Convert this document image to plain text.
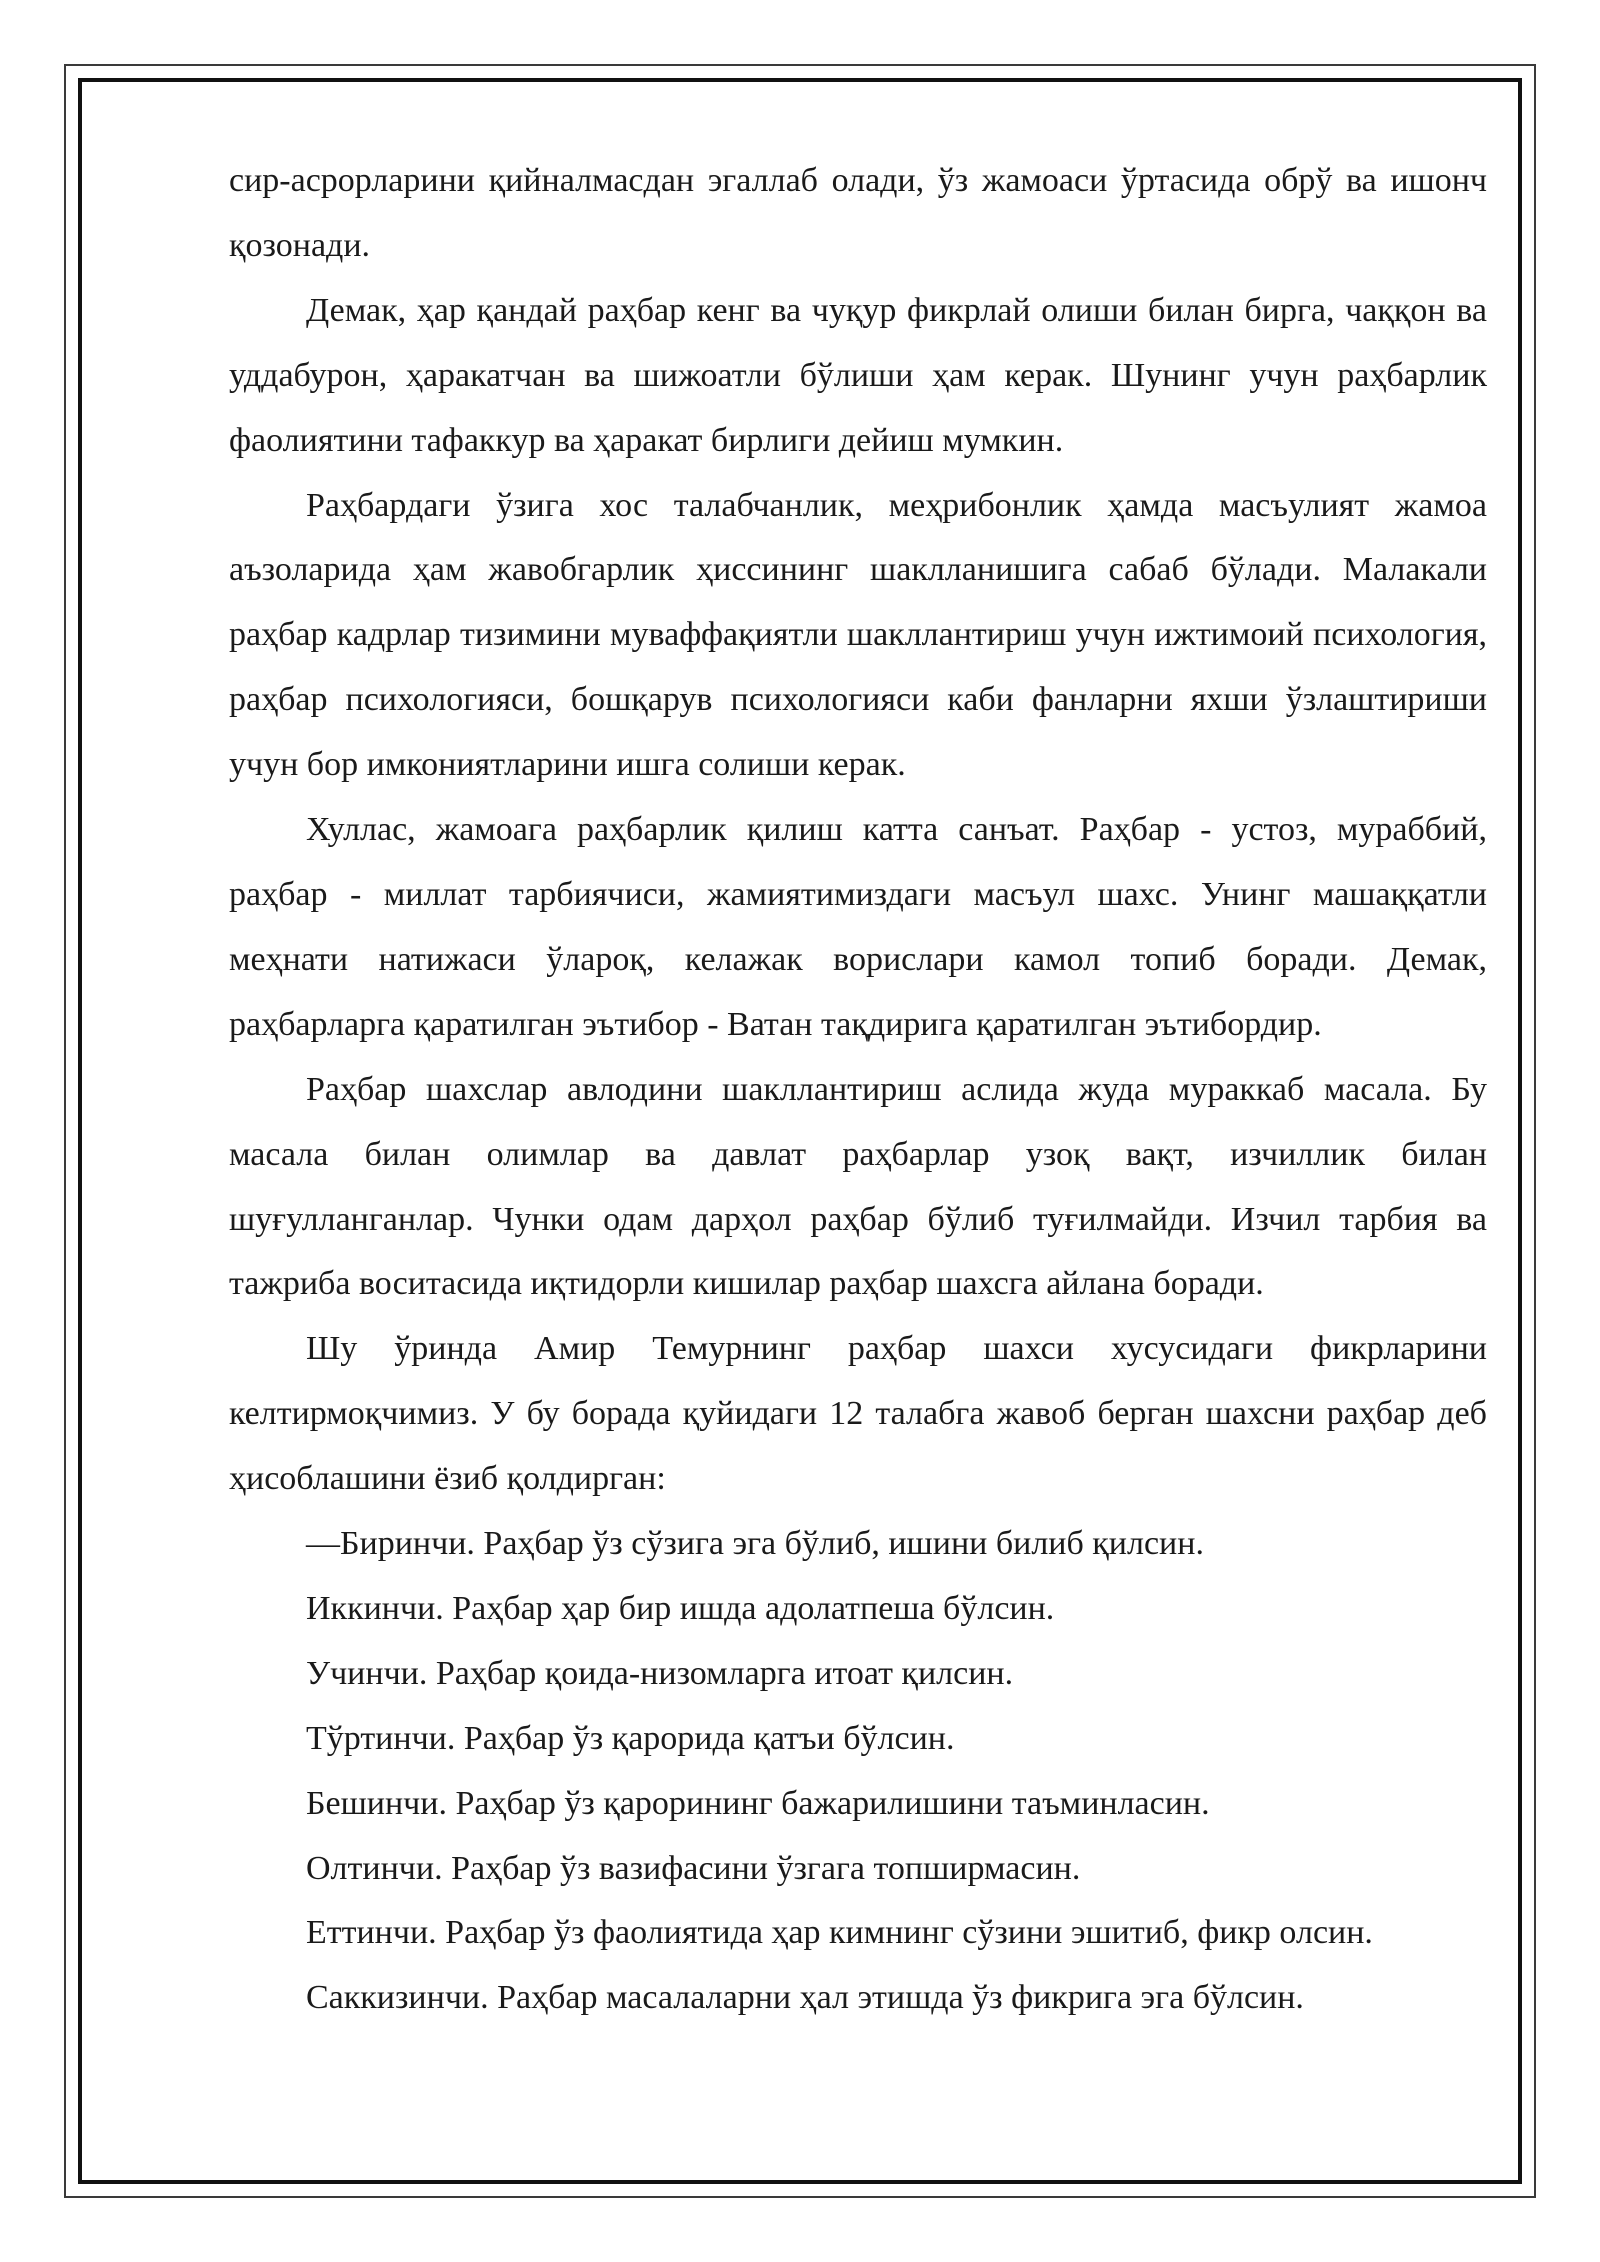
сир-асрорларини қийналмасдан эгаллаб олади, ўз жамоаси ўртасида обрў ва ишонч қозонади.

Демак, ҳар қандай раҳбар кенг ва чуқур фикрлай олиши билан бирга, чаққон ва уддабурон, ҳаракатчан ва шижоатли бўлиши ҳам керак. Шунинг учун раҳбарлик фаолиятини тафаккур ва ҳаракат бирлиги дейиш мумкин.

Раҳбардаги ўзига хос талабчанлик, меҳрибонлик ҳамда масъулият жамоа аъзоларида ҳам жавобгарлик ҳиссининг шаклланишига сабаб бўлади. Малакали раҳбар кадрлар тизимини муваффақиятли шакллантириш учун ижтимоий психология, раҳбар психологияси, бошқарув психологияси каби фанларни яхши ўзлаштириши учун бор имкониятларини ишга солиши керак.

Хуллас, жамоага раҳбарлик қилиш катта санъат. Раҳбар - устоз, мураббий, раҳбар - миллат тарбиячиси, жамиятимиздаги масъул шахс. Унинг машаққатли меҳнати натижаси ўлароқ, келажак ворислари камол топиб боради. Демак, раҳбарларга қаратилган эътибор - Ватан тақдирига қаратилган эътибордир.

Раҳбар шахслар авлодини шакллантириш аслида жуда мураккаб масала. Бу масала билан олимлар ва давлат раҳбарлар узоқ вақт, изчиллик билан шуғулланганлар. Чунки одам дарҳол раҳбар бўлиб туғилмайди. Изчил тарбия ва тажриба воситасида иқтидорли кишилар раҳбар шахсга айлана боради.

Шу ўринда Амир Темурнинг раҳбар шахси хусусидаги фикрларини келтирмоқчимиз. У бу борада қуйидаги 12 талабга жавоб берган шахсни раҳбар деб ҳисоблашини ёзиб қолдирган:

—Биринчи. Раҳбар ўз сўзига эга бўлиб, ишини билиб қилсин.

Иккинчи. Раҳбар ҳар бир ишда адолатпеша бўлсин.

Учинчи. Раҳбар қоида-низомларга итоат қилсин.

Тўртинчи. Раҳбар ўз қарорида қатъи бўлсин.

Бешинчи. Раҳбар ўз қарорининг бажарилишини таъминласин.

Олтинчи. Раҳбар ўз вазифасини ўзгага топширмасин.

Еттинчи. Раҳбар ўз фаолиятида ҳар кимнинг сўзини эшитиб, фикр олсин.

Саккизинчи. Раҳбар масалаларни ҳал этишда ўз фикрига эга бўлсин.
